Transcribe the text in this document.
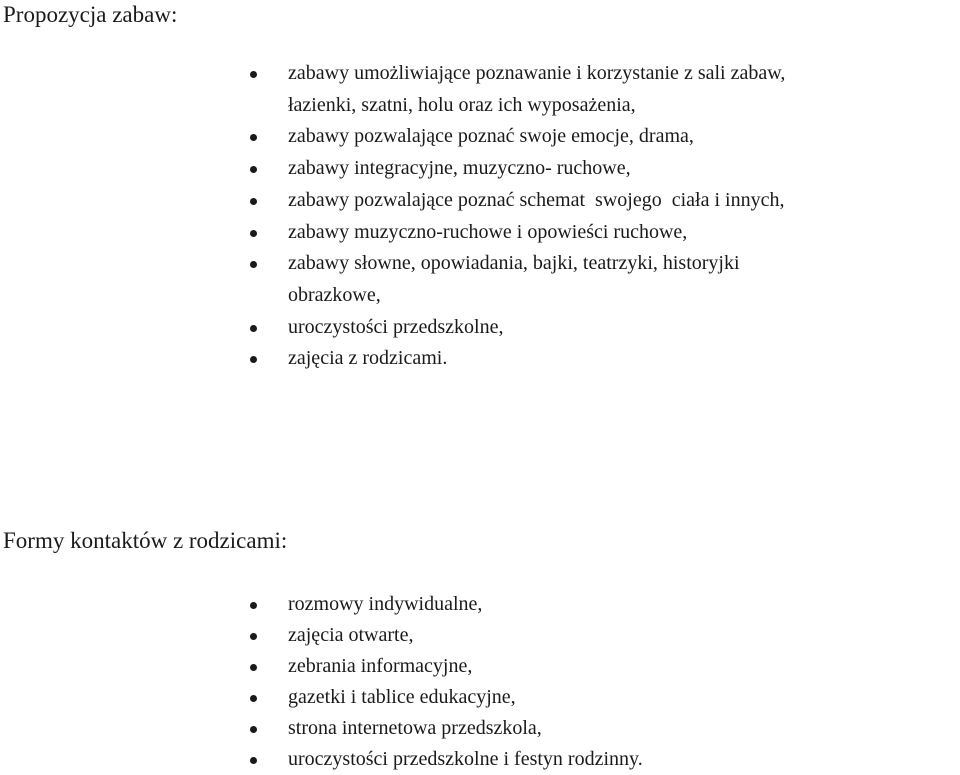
Propozycja zabaw:
zabawy umożliwiające poznawanie i korzystanie z sali zabaw,
łazienki, szatni, holu oraz ich wyposażenia,
zabawy pozwalające poznać swoje emocje, drama,
zabawy integracyjne, muzyczno- ruchowe,
zabawy pozwalające poznać schemat  swojego  ciała i innych,
zabawy muzyczno-ruchowe i opowieści ruchowe,
zabawy słowne, opowiadania, bajki, teatrzyki, historyjki
obrazkowe,
uroczystości przedszkolne,
zajęcia z rodzicami.
Formy kontaktów z rodzicami:
rozmowy indywidualne,
zajęcia otwarte,
zebrania informacyjne,
gazetki i tablice edukacyjne,
strona internetowa przedszkola,
uroczystości przedszkolne i festyn rodzinny.
